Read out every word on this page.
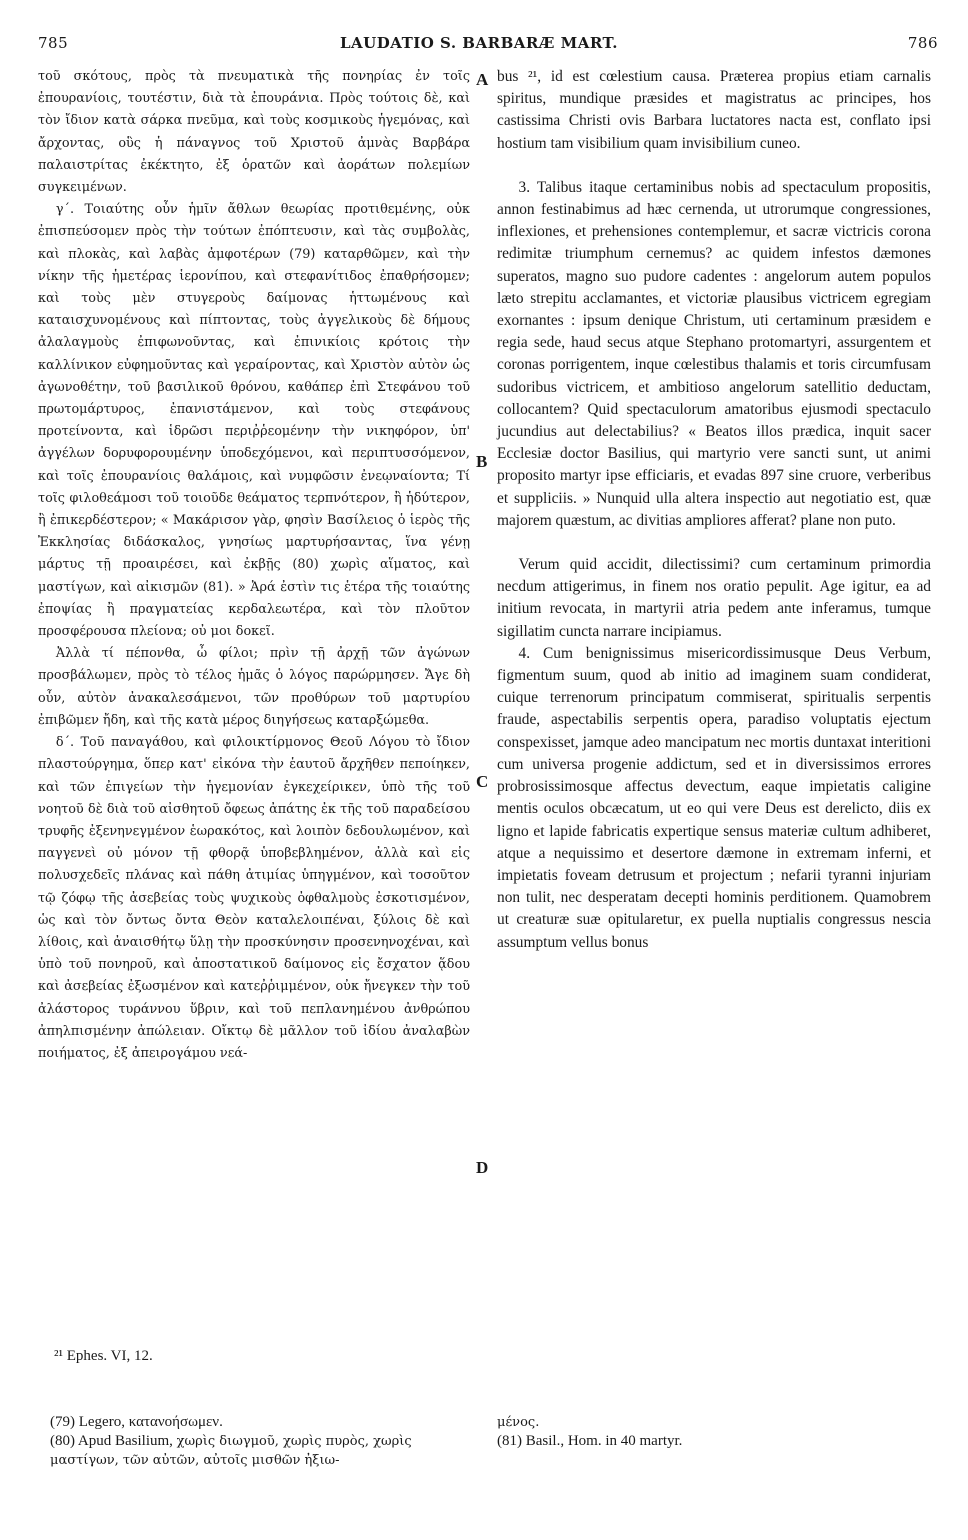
785	LAUDATIO S. BARBARÆ MART.	786

τοῦ σκότους, πρὸς τὰ πνευματικὰ τῆς πονηρίας ἐν τοῖς ἐπουρανίοις, τουτέστιν, διὰ τὰ ἐπουράνια. Πρὸς τούτοις δὲ, καὶ τὸν ἴδιον κατὰ σάρκα πνεῦμα, καὶ τοὺς κοσμικοὺς ἡγεμόνας, καὶ ἄρχοντας, οὓς ἡ πάναγνος τοῦ Χριστοῦ ἀμνὰς Βαρβάρα παλαιστρίτας ἐκέκτητο, ἐξ ὁρατῶν καὶ ἀοράτων πολεμίων συγκειμένων.

γ΄. Τοιαύτης οὖν ἡμῖν ἄθλων θεωρίας προτιθεμένης, οὐκ ἐπισπεύσομεν πρὸς τὴν τούτων ἐπόπτευσιν, καὶ τὰς συμβολὰς, καὶ πλοκὰς, καὶ λαβὰς ἀμφοτέρων (79) καταρθῶμεν, καὶ τὴν νίκην τῆς ἡμετέρας ἱερονίπου, καὶ στεφανίτιδος ἐπαθρήσομεν; καὶ τοὺς μὲν στυγεροὺς δαίμονας ἡττωμένους καὶ καταισχυνομένους καὶ πίπτοντας, τοὺς ἀγγελικοὺς δὲ δήμους ἀλαλαγμοὺς ἐπιφωνοῦντας, καὶ ἐπινικίοις κρότοις τὴν καλλίνικον εὐφημοῦντας καὶ γεραίροντας, καὶ Χριστὸν αὐτὸν ὡς ἀγωνοθέτην, τοῦ βασιλικοῦ θρόνου, καθάπερ ἐπὶ Στεφάνου τοῦ πρωτομάρτυρος, ἐπανιστάμενον, καὶ τοὺς στεφάνους προτείνοντα, καὶ ἱδρῶσι περιῤῥεομένην τὴν νικηφόρον, ὑπ' ἀγγέλων δορυφορουμένην ὑποδεχόμενοι, καὶ περιπτυσσόμενον, καὶ τοῖς ἐπουρανίοις θαλάμοις, καὶ νυμφῶσιν ἐνεῳναίοντα; Τί τοῖς φιλοθεάμοσι τοῦ τοιοῦδε θεάματος τερπνότερον, ἢ ἡδύτερον, ἢ ἐπικερδέστερον; « Μακάρισον γὰρ, φησὶν Βασίλειος ὁ ἱερὸς τῆς Ἐκκλησίας διδάσκαλος, γνησίως μαρτυρήσαντας, ἵνα γένῃ μάρτυς τῇ προαιρέσει, καὶ ἐκβῇς (80) χωρὶς αἵματος, καὶ μαστίγων, καὶ αἰκισμῶν (81). » Ἀρά ἐστὶν τις ἑτέρα τῆς τοιαύτης ἐποψίας ἢ πραγματείας κερδαλεωτέρα, καὶ τὸν πλοῦτον προσφέρουσα πλείονα; οὐ μοι δοκεῖ.

Ἀλλὰ τί πέπονθα, ὦ φίλοι; πρὶν τῇ ἀρχῇ τῶν ἀγώνων προσβάλωμεν, πρὸς τὸ τέλος ἡμᾶς ὁ λόγος παρώρμησεν. Ἄγε δὴ οὖν, αὐτὸν ἀνακαλεσάμενοι, τῶν προθύρων τοῦ μαρτυρίου ἐπιβῶμεν ἤδη, καὶ τῆς κατὰ μέρος διηγήσεως καταρξώμεθα.

δ΄. Τοῦ παναγάθου, καὶ φιλοικτίρμονος Θεοῦ Λόγου τὸ ἴδιον πλαστούργημα, ὅπερ κατ' εἰκόνα τὴν ἑαυτοῦ ἄρχῆθεν πεποίηκεν, καὶ τῶν ἐπιγείων τὴν ἡγεμονίαν ἐγκεχείρικεν, ὑπὸ τῆς τοῦ νοητοῦ δὲ διὰ τοῦ αἰσθητοῦ ὄφεως ἀπάτης ἐκ τῆς τοῦ παραδείσου τρυφῆς ἐξενηνεγμένον ἑωρακότος, καὶ λοιπὸν δεδουλωμένον, καὶ παγγενεὶ οὐ μόνον τῇ φθορᾷ ὑποβεβλημένον, ἀλλὰ καὶ εἰς πολυσχεδεῖς πλάνας καὶ πάθη ἀτιμίας ὑπηγμένον, καὶ τοσοῦτον τῷ ζόφῳ τῆς ἀσεβείας τοὺς ψυχικοὺς ὀφθαλμοὺς ἐσκοτισμένον, ὡς καὶ τὸν ὄντως ὄντα Θεὸν καταλελοιπέναι, ξύλοις δὲ καὶ λίθοις, καὶ ἀναισθήτῳ ὕλῃ τὴν προσκύνησιν προσενηνοχέναι, καὶ ὑπὸ τοῦ πονηροῦ, καὶ ἀποστατικοῦ δαίμονος εἰς ἔσχατον ᾅδου καὶ ἀσεβείας ἐξωσμένον καὶ κατεῤῥιμμένον, οὐκ ἤνεγκεν τὴν τοῦ ἀλάστορος τυράννου ὕβριν, καὶ τοῦ πεπλανημένου ἀνθρώπου ἀπηλπισμένην ἀπώλειαν. Οἴκτῳ δὲ μᾶλλον τοῦ ἰδίου ἀναλαβὼν ποιήματος, ἐξ ἀπειρογάμου νεά-

bus ²¹, id est cœlestium causa. Præterea propius etiam carnalis spiritus, mundique præsides et magistratus ac principes, hos castissima Christi ovis Barbara luctatores nacta est, conflato ipsi hostium tam visibilium quam invisibilium cuneo.

3. Talibus itaque certaminibus nobis ad spectaculum propositis, annon festinabimus ad hæc cernenda, ut utrorumque congressiones, inflexiones, et prehensiones contemplemur, et sacræ victricis corona redimitæ triumphum cernemus? ac quidem infestos dæmones superatos, magno suo pudore cadentes : angelorum autem populos læto strepitu acclamantes, et victoriæ plausibus victricem egregiam exornantes : ipsum denique Christum, uti certaminum præsidem e regia sede, haud secus atque Stephano protomartyri, assurgentem et coronas porrigentem, inque cœlestibus thalamis et toris circumfusam sudoribus victricem, et ambitioso angelorum satellitio deductam, collocantem? Quid spectaculorum amatoribus ejusmodi spectaculo jucundius aut delectabilius? « Beatos illos prædica, inquit sacer Ecclesiæ doctor Basilius, qui martyrio vere sancti sunt, ut animi proposito martyr ipse efficiaris, et evadas 897 sine cruore, verberibus et suppliciis. » Nunquid ulla altera inspectio aut negotiatio est, quæ majorem quæstum, ac divitias ampliores afferat? plane non puto.

Verum quid accidit, dilectissimi? cum certaminum primordia necdum attigerimus, in finem nos oratio pepulit. Age igitur, ea ad initium revocata, in martyrii atria pedem ante inferamus, tumque sigillatim cuncta narrare incipiamus.

4. Cum benignissimus misericordissimusque Deus Verbum, figmentum suum, quod ab initio ad imaginem suam condiderat, cuique terrenorum principatum commiserat, spiritualis serpentis fraude, aspectabilis serpentis opera, paradiso voluptatis ejectum conspexisset, jamque adeo mancipatum nec mortis duntaxat interitioni cum universa progenie addictum, sed et in diversissimos errores probrosissimosque affectus devectum, eaque impietatis caligine mentis oculos obcæcatum, ut eo qui vere Deus est derelicto, diis ex ligno et lapide fabricatis expertique sensus materiæ cultum adhiberet, atque a nequissimo et desertore dæmone in extremam inferni, et impietatis foveam detrusum et projectum ; nefarii tyranni injuriam non tulit, nec desperatam decepti hominis perditionem. Quamobrem ut creaturæ suæ opitularetur, ex puella nuptialis congressus nescia assumptum vellus bonus

A
B
C
D
²¹ Ephes. VI, 12.

(79) Legero, κατανοήσωμεν.

(80) Apud Basilium, χωρὶς διωγμοῦ, χωρὶς πυρὸς, χωρὶς μαστίγων, τῶν αὐτῶν, αὐτοῖς μισθῶν ἠξιω-

μένος.

(81) Basil., Hom. in 40 martyr.
